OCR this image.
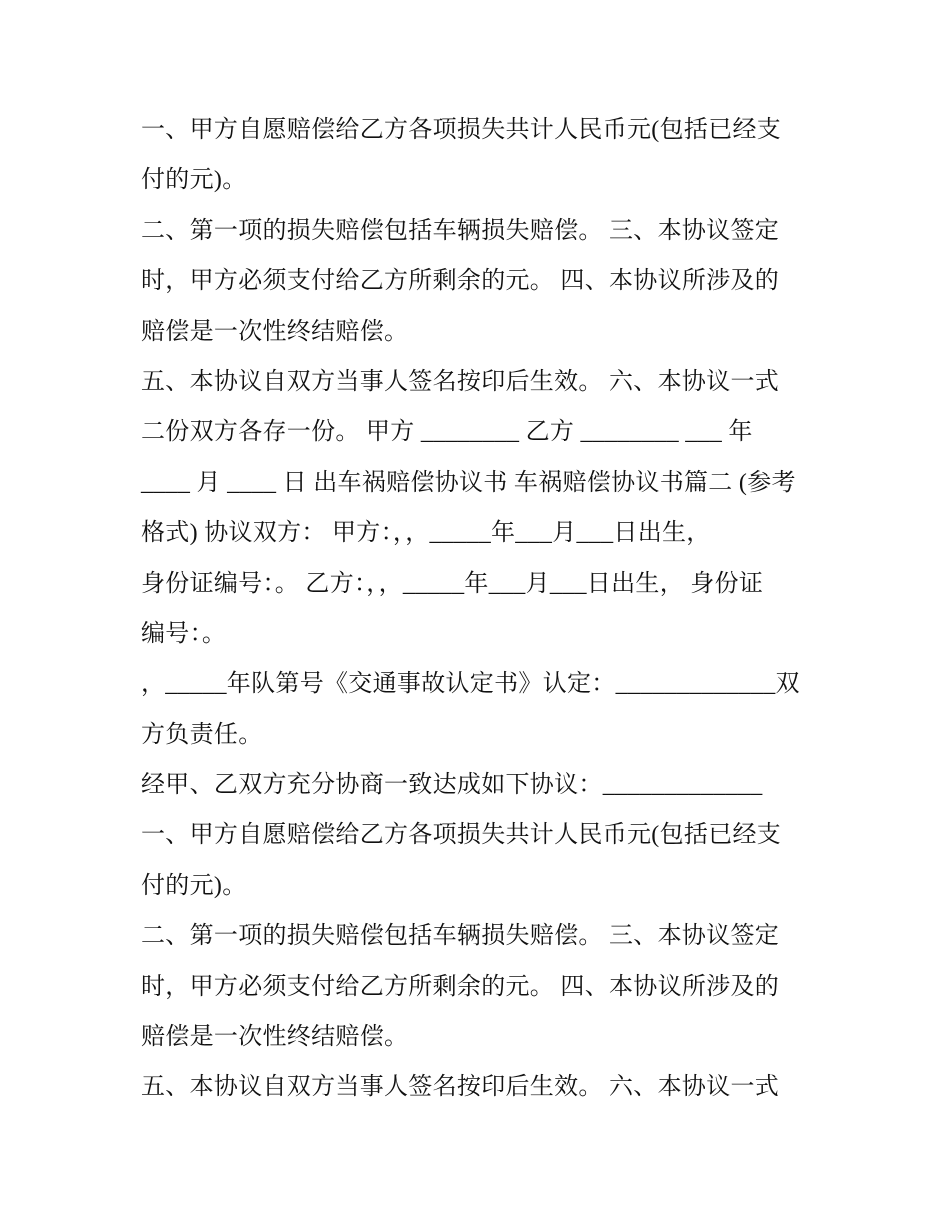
一、甲方自愿赔偿给乙方各项损失共计人民币元(包括已经支
付的元)。
二、第一项的损失赔偿包括车辆损失赔偿。 三、本协议签定
时，甲方必须支付给乙方所剩余的元。 四、本协议所涉及的
赔偿是一次性终结赔偿。
五、本协议自双方当事人签名按印后生效。 六、本协议一式
二份双方各存一份。 甲方 ________ 乙方 ________ ___ 年
____ 月 ____ 日 出车祸赔偿协议书 车祸赔偿协议书篇二 (参考
格式) 协议双方： 甲方：，，_____年___月___日出生，
身份证编号：。 乙方：，，_____年___月___日出生， 身份证
编号：。
，_____年队第号《交通事故认定书》认定：_____________双
方负责任。
经甲、乙双方充分协商一致达成如下协议：_____________
一、甲方自愿赔偿给乙方各项损失共计人民币元(包括已经支
付的元)。
二、第一项的损失赔偿包括车辆损失赔偿。 三、本协议签定
时，甲方必须支付给乙方所剩余的元。 四、本协议所涉及的
赔偿是一次性终结赔偿。
五、本协议自双方当事人签名按印后生效。 六、本协议一式
